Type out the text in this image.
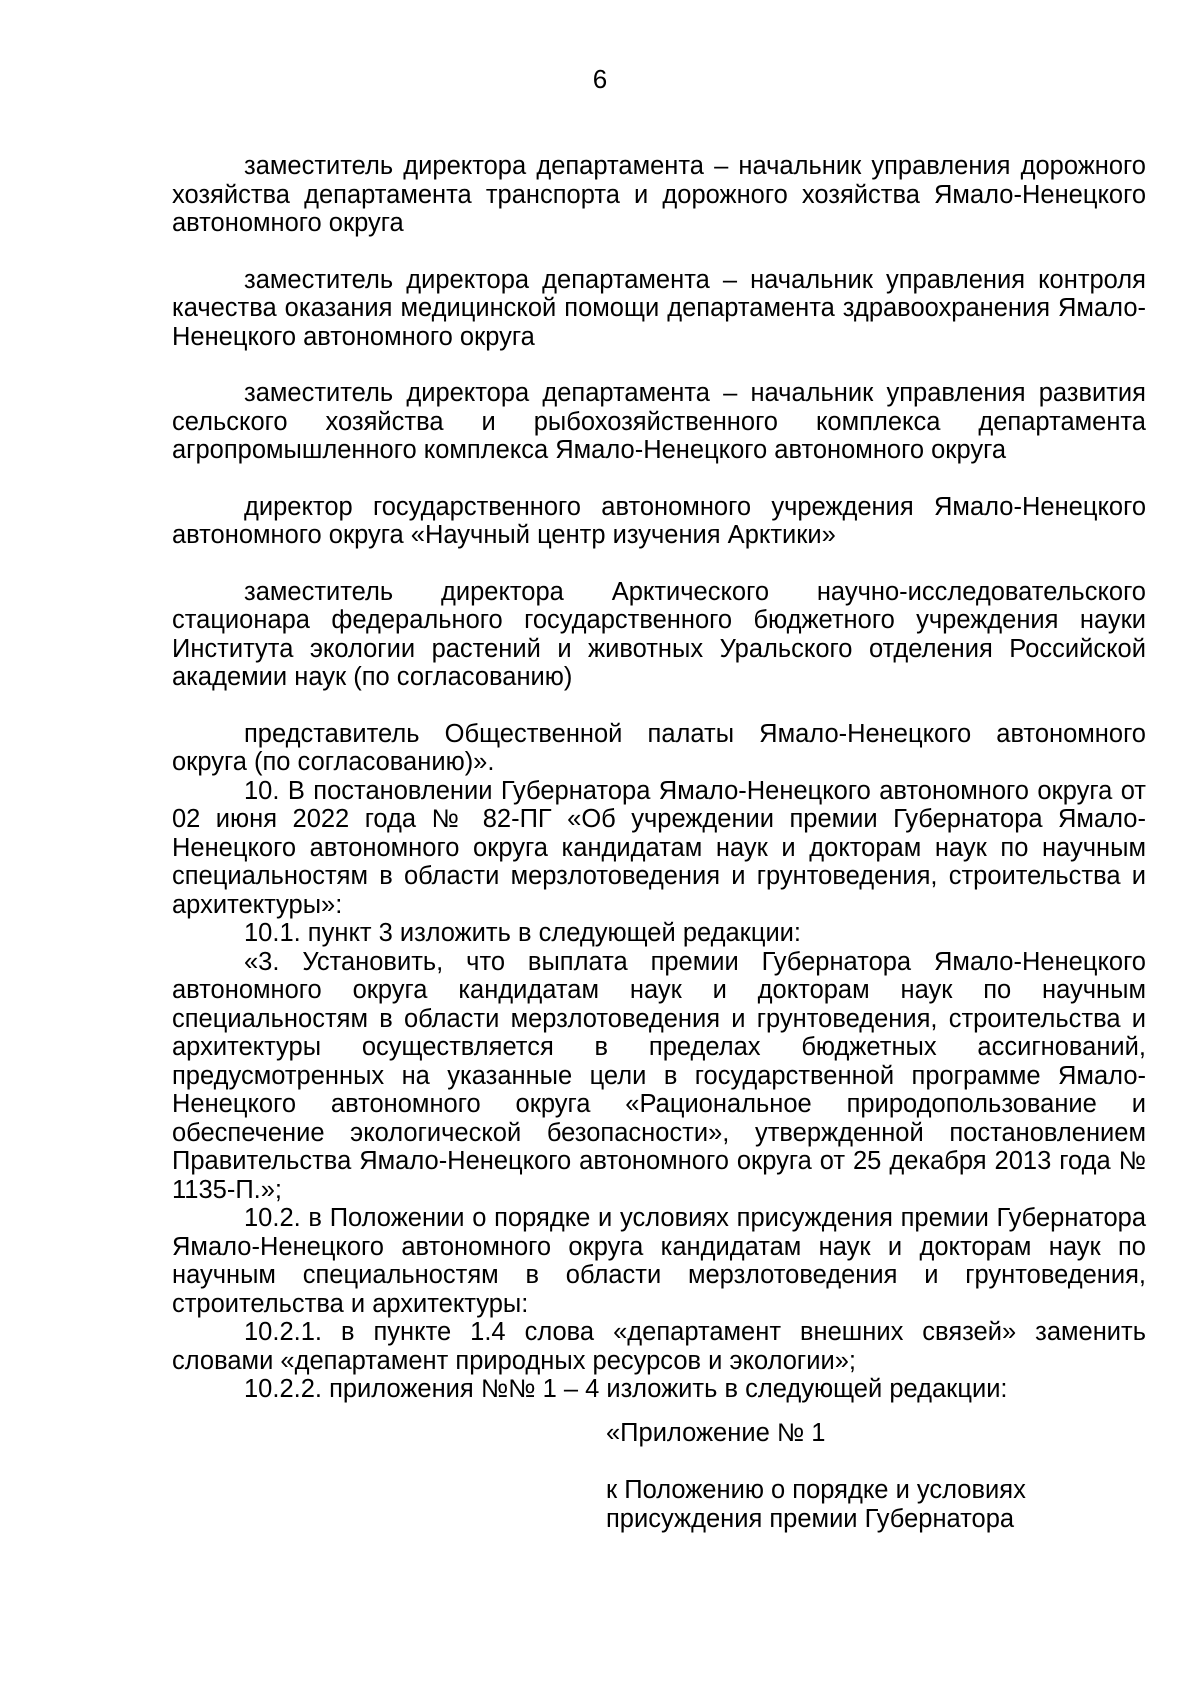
6

заместитель директора департамента – начальник управления дорожного хозяйства департамента транспорта и дорожного хозяйства Ямало-Ненецкого автономного округа

заместитель директора департамента – начальник управления контроля качества оказания медицинской помощи департамента здравоохранения Ямало-Ненецкого автономного округа

заместитель директора департамента – начальник управления развития сельского хозяйства и рыбохозяйственного комплекса департамента агропромышленного комплекса Ямало-Ненецкого автономного округа

директор государственного автономного учреждения Ямало-Ненецкого автономного округа «Научный центр изучения Арктики»

заместитель директора Арктического научно-исследовательского стационара федерального государственного бюджетного учреждения науки Института экологии растений и животных Уральского отделения Российской академии наук (по согласованию)

представитель Общественной палаты Ямало-Ненецкого автономного округа (по согласованию)».

10. В постановлении Губернатора Ямало-Ненецкого автономного округа от 02 июня 2022 года № 82-ПГ «Об учреждении премии Губернатора Ямало-Ненецкого автономного округа кандидатам наук и докторам наук по научным специальностям в области мерзлотоведения и грунтоведения, строительства и архитектуры»:

10.1. пункт 3 изложить в следующей редакции:

«3. Установить, что выплата премии Губернатора Ямало-Ненецкого автономного округа кандидатам наук и докторам наук по научным специальностям в области мерзлотоведения и грунтоведения, строительства и архитектуры осуществляется в пределах бюджетных ассигнований, предусмотренных на указанные цели в государственной программе Ямало-Ненецкого автономного округа «Рациональное природопользование и обеспечение экологической безопасности», утвержденной постановлением Правительства Ямало-Ненецкого автономного округа от 25 декабря 2013 года № 1135-П.»;

10.2. в Положении о порядке и условиях присуждения премии Губернатора Ямало-Ненецкого автономного округа кандидатам наук и докторам наук по научным специальностям в области мерзлотоведения и грунтоведения, строительства и архитектуры:

10.2.1. в пункте 1.4 слова «департамент внешних связей» заменить словами «департамент природных ресурсов и экологии»;

10.2.2. приложения №№ 1 – 4 изложить в следующей редакции:

«Приложение № 1

к Положению о порядке и условиях

присуждения премии Губернатора
